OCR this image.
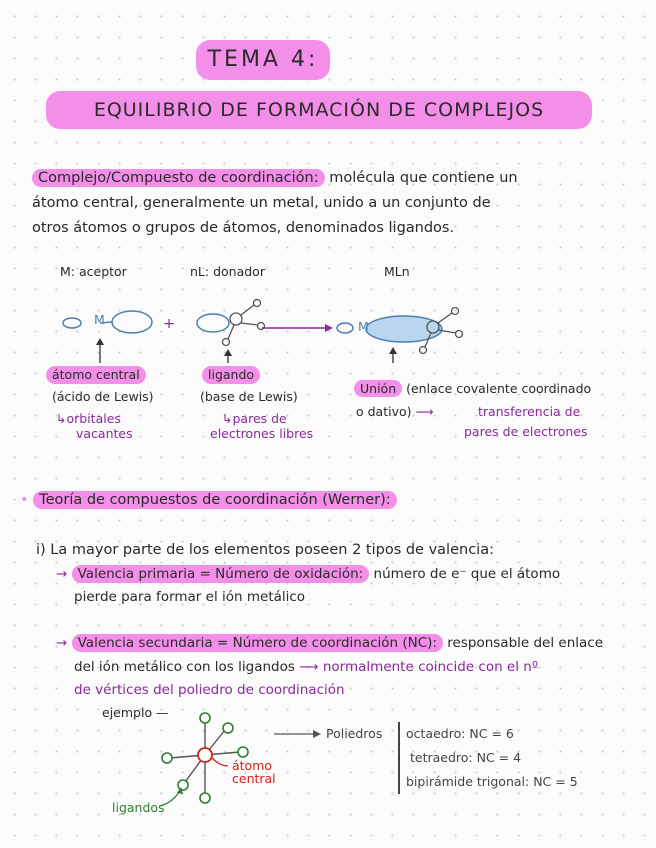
TEMA 4:
EQUILIBRIO DE FORMACIÓN DE COMPLEJOS
Complejo/Compuesto de coordinación: molécula que contiene un
átomo central, generalmente un metal, unido a un conjunto de
otros átomos o grupos de átomos, denominados ligandos.
M: aceptor	nL: donador	MLn
M	+	M
átomo central
(ácido de Lewis)
↳orbitales
vacantes
ligando
(base de Lewis)
↳pares de
electrones libres
Unión (enlace covalente coordinado
o dativo) ⟶	transferencia de
pares de electrones
• Teoría de compuestos de coordinación (Werner):
i) La mayor parte de los elementos poseen 2 tipos de valencia:
→ Valencia primaria = Número de oxidación: número de e⁻ que el átomo
pierde para formar el ión metálico
→ Valencia secundaria = Número de coordinación (NC): responsable del enlace
del ión metálico con los ligandos ⟶ normalmente coincide con el nº
de vértices del poliedro de coordinación
ejemplo —
átomo
central
ligandos
Poliedros octaedro: NC = 6
tetraedro: NC = 4
bipirámide trigonal: NC = 5
